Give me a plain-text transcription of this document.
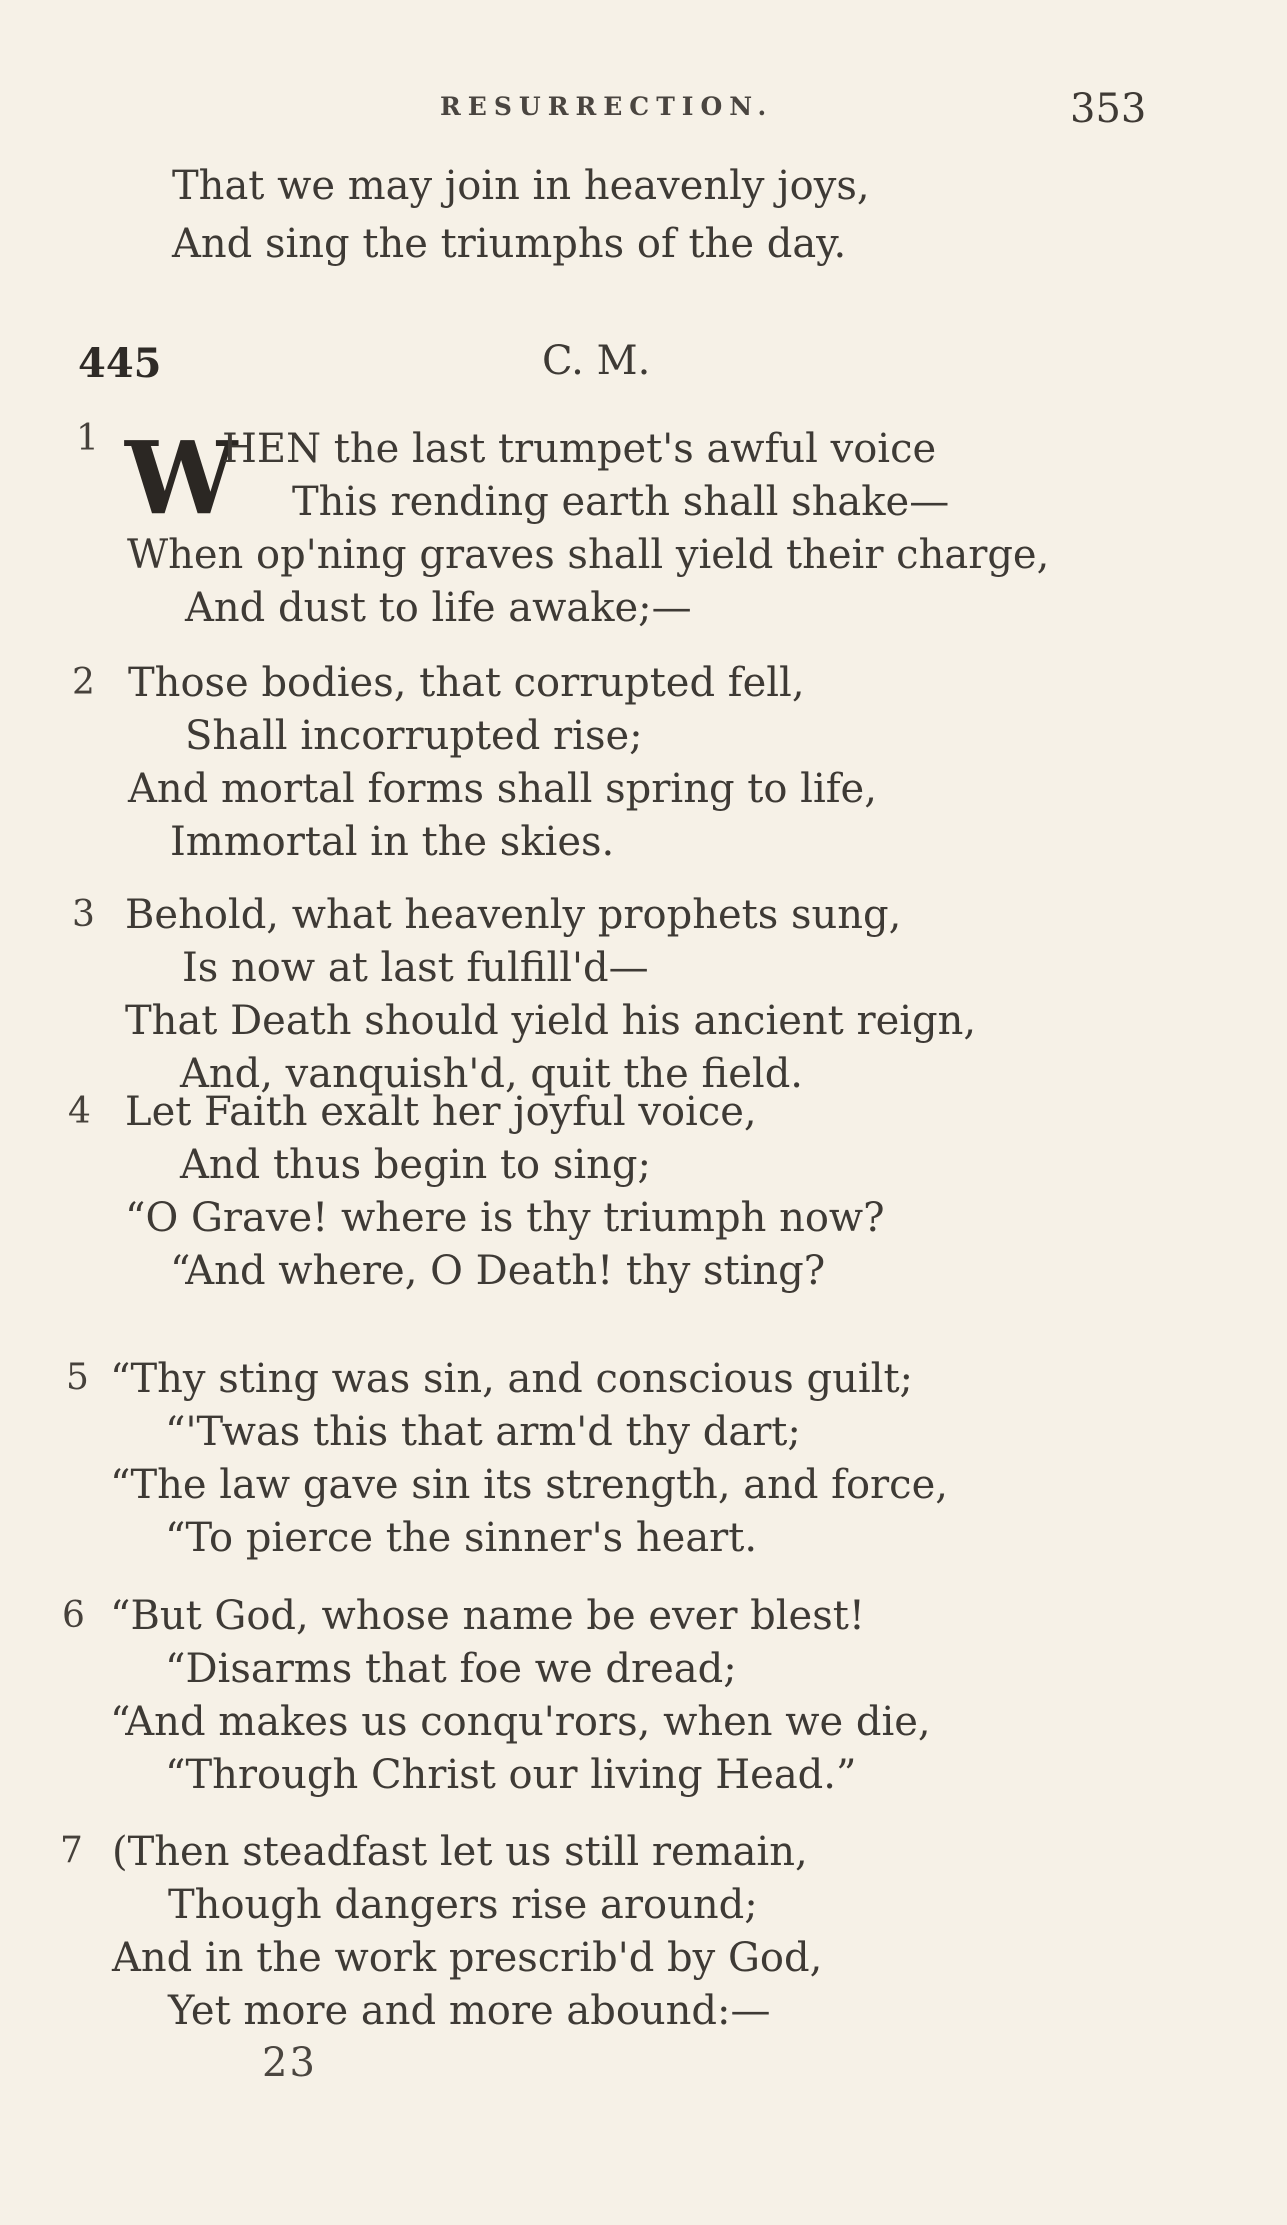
RESURRECTION.	353
That we may join in heavenly joys,
And sing the triumphs of the day.
445	C. M.
1 W
HEN the last trumpet's awful voice
This rending earth shall shake—
When op'ning graves shall yield their charge,
And dust to life awake;—
2 Those bodies, that corrupted fell,
Shall incorrupted rise;
And mortal forms shall spring to life,
Immortal in the skies.
3 Behold, what heavenly prophets sung,
Is now at last fulfill'd—
That Death should yield his ancient reign,
And, vanquish'd, quit the field.
4 Let Faith exalt her joyful voice,
And thus begin to sing;
“O Grave! where is thy triumph now?
“And where, O Death! thy sting?
5 “Thy sting was sin, and conscious guilt;
“'Twas this that arm'd thy dart;
“The law gave sin its strength, and force,
“To pierce the sinner's heart.
6 “But God, whose name be ever blest!
“Disarms that foe we dread;
“And makes us conqu'rors, when we die,
“Through Christ our living Head.”
7 (Then steadfast let us still remain,
Though dangers rise around;
And in the work prescrib'd by God,
Yet more and more abound:—
23
